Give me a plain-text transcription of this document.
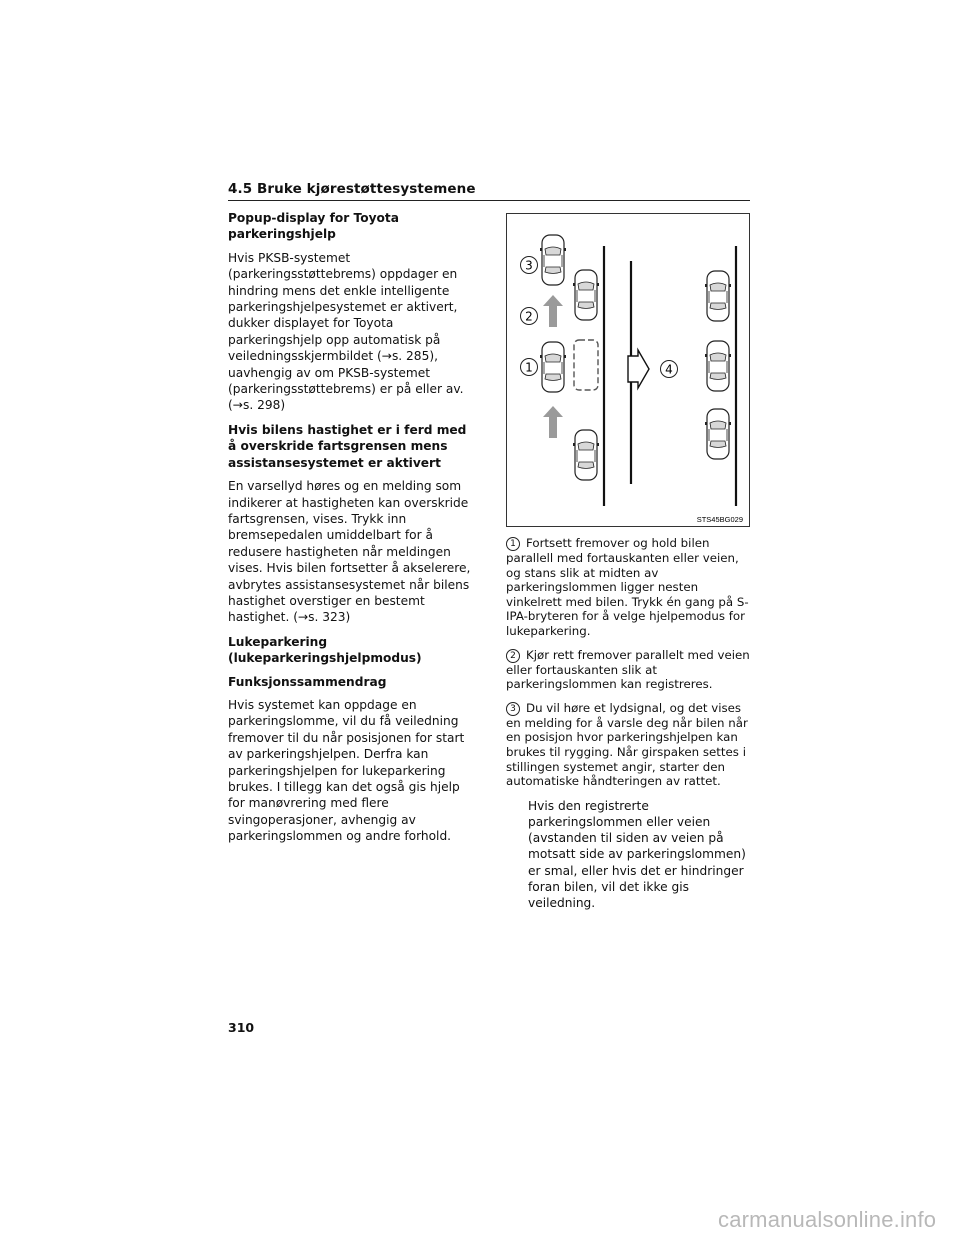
4.5 Bruke kjørestøttesystemene

Popup-display for Toyota parkeringshjelp

Hvis PKSB-systemet (parkeringsstøttebrems) oppdager en hindring mens det enkle intelligente parkeringshjelpesystemet er aktivert, dukker displayet for Toyota parkeringshjelp opp automatisk på veiledningsskjermbildet (→s. 285), uavhengig av om PKSB-systemet (parkeringsstøttebrems) er på eller av. (→s. 298)

Hvis bilens hastighet er i ferd med å overskride fartsgrensen mens assistansesystemet er aktivert

En varsellyd høres og en melding som indikerer at hastigheten kan overskride fartsgrensen, vises. Trykk inn bremsepedalen umiddelbart for å redusere hastigheten når meldingen vises. Hvis bilen fortsetter å akselerere, avbrytes assistansesystemet når bilens hastighet overstiger en bestemt hastighet. (→s. 323)

Lukeparkering (lukeparkeringshjelpmodus)

Funksjonssammendrag

Hvis systemet kan oppdage en parkeringslomme, vil du få veiledning fremover til du når posisjonen for start av parkeringshjelpen. Derfra kan parkeringshjelpen for lukeparkering brukes. I tillegg kan det også gis hjelp for manøvrering med flere svingoperasjoner, avhengig av parkeringslommen og andre forhold.

1
2
3
4
STS45BG029
1 Fortsett fremover og hold bilen parallell med fortauskanten eller veien, og stans slik at midten av parkeringslommen ligger nesten vinkelrett med bilen. Trykk én gang på S-IPA-bryteren for å velge hjelpemodus for lukeparkering.
2 Kjør rett fremover parallelt med veien eller fortauskanten slik at parkeringslommen kan registreres.
3 Du vil høre et lydsignal, og det vises en melding for å varsle deg når bilen når en posisjon hvor parkeringshjelpen kan brukes til rygging. Når girspaken settes i stillingen systemet angir, starter den automatiske håndteringen av rattet.

Hvis den registrerte parkeringslommen eller veien (avstanden til siden av veien på motsatt side av parkeringslommen) er smal, eller hvis det er hindringer foran bilen, vil det ikke gis veiledning.

310
carmanualsonline.info
